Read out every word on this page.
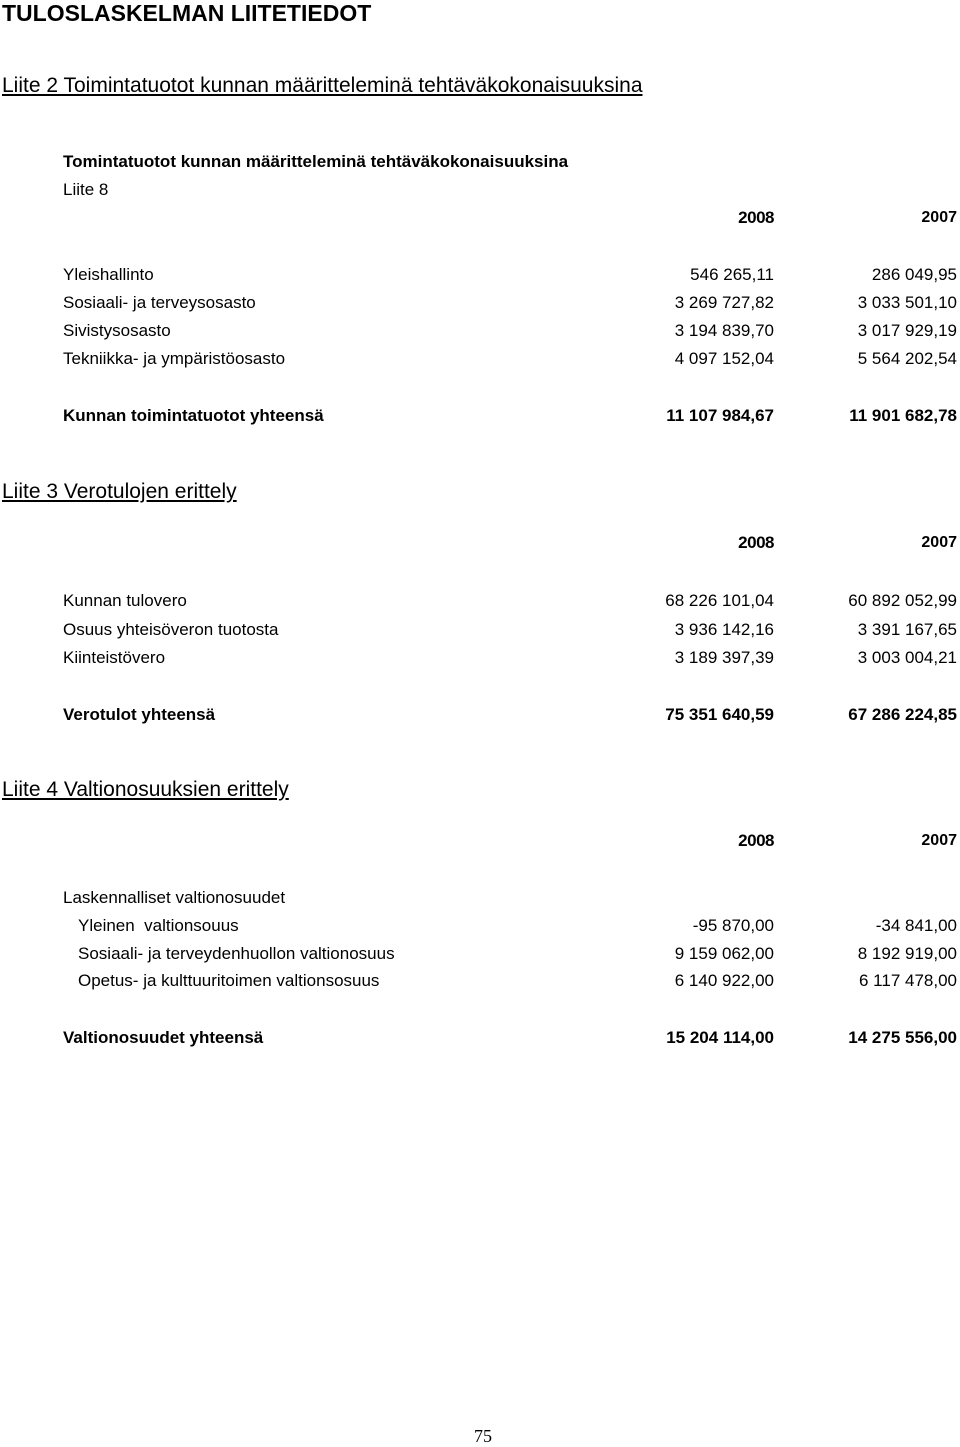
TULOSLASKELMAN LIITETIEDOT
Liite 2 Toimintatuotot kunnan määritteleminä tehtäväkokonaisuuksina
Tomintatuotot kunnan määritteleminä tehtäväkokonaisuuksina
Liite 8
2008	2007
Yleishallinto	546 265,11	286 049,95
Sosiaali- ja terveysosasto	3 269 727,82	3 033 501,10
Sivistysosasto	3 194 839,70	3 017 929,19
Tekniikka- ja ympäristöosasto	4 097 152,04	5 564 202,54
Kunnan toimintatuotot yhteensä	11 107 984,67	11 901 682,78
Liite 3 Verotulojen erittely
2008	2007
Kunnan tulovero	68 226 101,04	60 892 052,99
Osuus yhteisöveron tuotosta	3 936 142,16	3 391 167,65
Kiinteistövero	3 189 397,39	3 003 004,21
Verotulot yhteensä	75 351 640,59	67 286 224,85
Liite 4 Valtionosuuksien erittely
2008	2007
Laskennalliset valtionosuudet
Yleinen  valtionsouus	-95 870,00	-34 841,00
Sosiaali- ja terveydenhuollon valtionosuus	9 159 062,00	8 192 919,00
Opetus- ja kulttuuritoimen valtionsosuus	6 140 922,00	6 117 478,00
Valtionosuudet yhteensä	15 204 114,00	14 275 556,00
75
